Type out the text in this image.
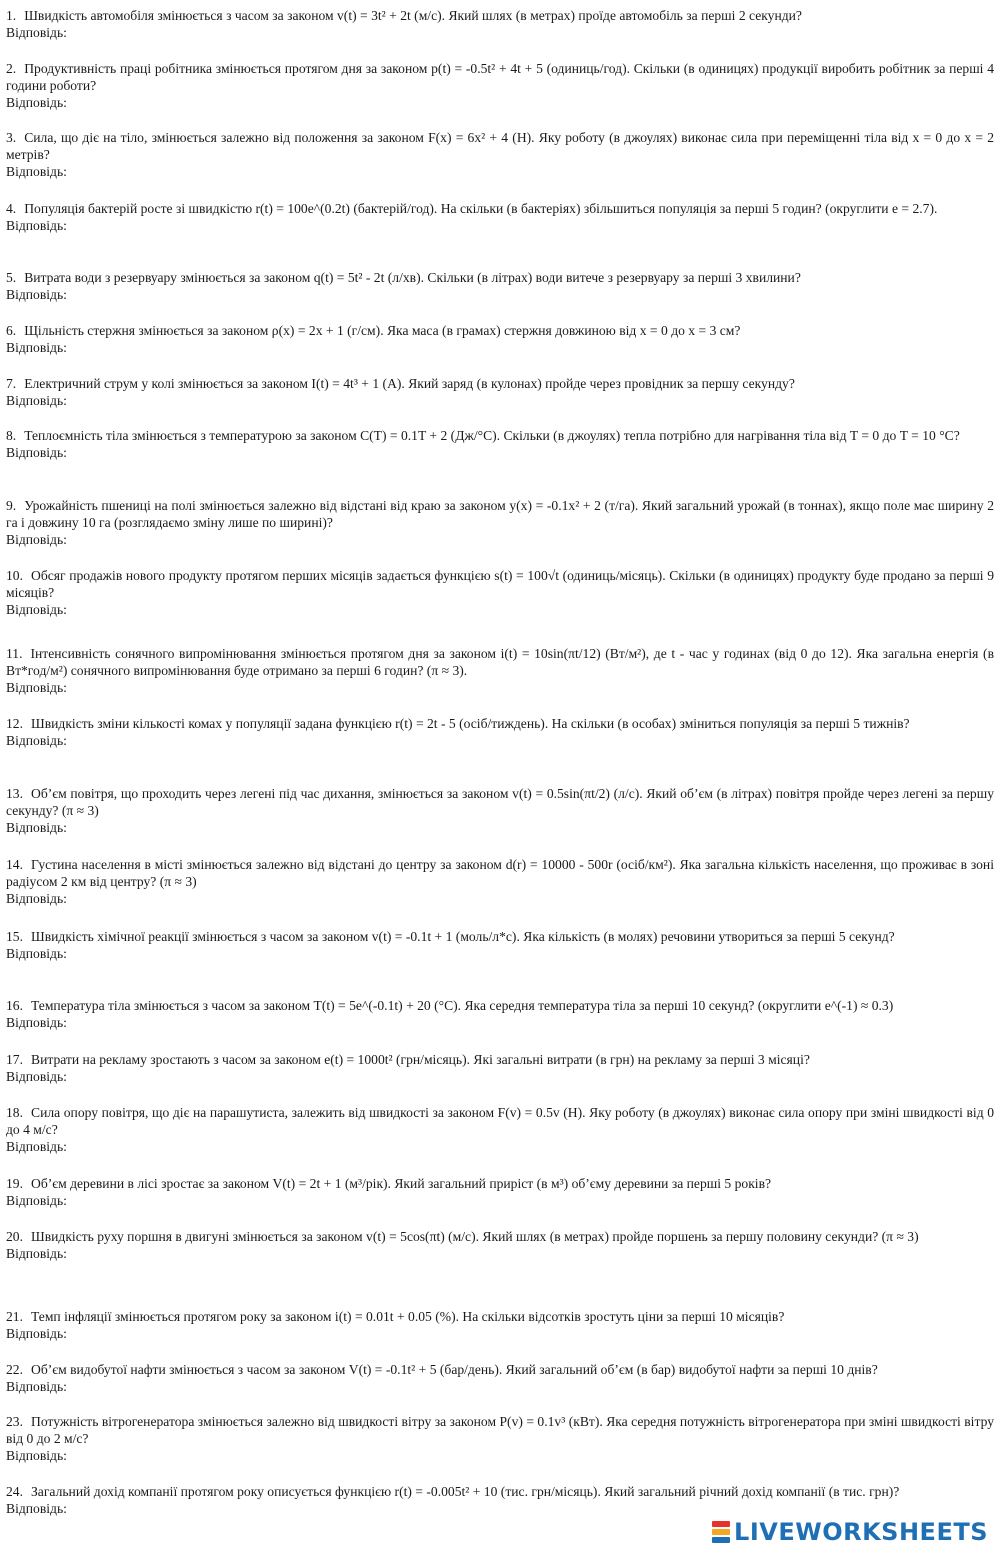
1. Швидкість автомобіля змінюється з часом за законом v(t) = 3t² + 2t (м/с). Який шлях (в метрах) проїде автомобіль за перші 2 секунди?
Відповідь:
2. Продуктивність праці робітника змінюється протягом дня за законом p(t) = -0.5t² + 4t + 5 (одиниць/год). Скільки (в одиницях) продукції виробить робітник за перші 4 години роботи?
Відповідь:
3. Сила, що діє на тіло, змінюється залежно від положення за законом F(x) = 6x² + 4 (Н). Яку роботу (в джоулях) виконає сила при переміщенні тіла від x = 0 до x = 2 метрів?
Відповідь:
4. Популяція бактерій росте зі швидкістю r(t) = 100e^(0.2t) (бактерій/год). На скільки (в бактеріях) збільшиться популяція за перші 5 годин? (округлити e = 2.7).
Відповідь:
5. Витрата води з резервуару змінюється за законом q(t) = 5t² - 2t (л/хв). Скільки (в літрах) води витече з резервуару за перші 3 хвилини?
Відповідь:
6. Щільність стержня змінюється за законом ρ(x) = 2x + 1 (г/см). Яка маса (в грамах) стержня довжиною від x = 0 до x = 3 см?
Відповідь:
7. Електричний струм у колі змінюється за законом I(t) = 4t³ + 1 (А). Який заряд (в кулонах) пройде через провідник за першу секунду?
Відповідь:
8. Теплоємність тіла змінюється з температурою за законом C(T) = 0.1T + 2 (Дж/°С). Скільки (в джоулях) тепла потрібно для нагрівання тіла від T = 0 до T = 10 °C?
Відповідь:
9. Урожайність пшениці на полі змінюється залежно від відстані від краю за законом y(x) = -0.1x² + 2 (т/га). Який загальний урожай (в тоннах), якщо поле має ширину 2 га і довжину 10 га (розглядаємо зміну лише по ширині)?
Відповідь:
10. Обсяг продажів нового продукту протягом перших місяців задається функцією s(t) = 100√t (одиниць/місяць). Скільки (в одиницях) продукту буде продано за перші 9 місяців?
Відповідь:
11. Інтенсивність сонячного випромінювання змінюється протягом дня за законом i(t) = 10sin(πt/12) (Вт/м²), де t - час у годинах (від 0 до 12). Яка загальна енергія (в Вт*год/м²) сонячного випромінювання буде отримано за перші 6 годин? (π ≈ 3).
Відповідь:
12. Швидкість зміни кількості комах у популяції задана функцією r(t) = 2t - 5 (осіб/тиждень). На скільки (в особах) зміниться популяція за перші 5 тижнів?
Відповідь:
13. Об’єм повітря, що проходить через легені під час дихання, змінюється за законом v(t) = 0.5sin(πt/2) (л/с). Який об’єм (в літрах) повітря пройде через легені за першу секунду? (π ≈ 3)
Відповідь:
14. Густина населення в місті змінюється залежно від відстані до центру за законом d(r) = 10000 - 500r (осіб/км²). Яка загальна кількість населення, що проживає в зоні радіусом 2 км від центру? (π ≈ 3)
Відповідь:
15. Швидкість хімічної реакції змінюється з часом за законом v(t) = -0.1t + 1 (моль/л*с). Яка кількість (в молях) речовини утвориться за перші 5 секунд?
Відповідь:
16. Температура тіла змінюється з часом за законом T(t) = 5e^(-0.1t) + 20 (°С). Яка середня температура тіла за перші 10 секунд? (округлити e^(-1) ≈ 0.3)
Відповідь:
17. Витрати на рекламу зростають з часом за законом e(t) = 1000t² (грн/місяць). Які загальні витрати (в грн) на рекламу за перші 3 місяці?
Відповідь:
18. Сила опору повітря, що діє на парашутиста, залежить від швидкості за законом F(v) = 0.5v (Н). Яку роботу (в джоулях) виконає сила опору при зміні швидкості від 0 до 4 м/с?
Відповідь:
19. Об’єм деревини в лісі зростає за законом V(t) = 2t + 1 (м³/рік). Який загальний приріст (в м³) об’єму деревини за перші 5 років?
Відповідь:
20. Швидкість руху поршня в двигуні змінюється за законом v(t) = 5cos(πt) (м/с). Який шлях (в метрах) пройде поршень за першу половину секунди? (π ≈ 3)
Відповідь:
21. Темп інфляції змінюється протягом року за законом i(t) = 0.01t + 0.05 (%). На скільки відсотків зростуть ціни за перші 10 місяців?
Відповідь:
22. Об’єм видобутої нафти змінюється з часом за законом V(t) = -0.1t² + 5 (бар/день). Який загальний об’єм (в бар) видобутої нафти за перші 10 днів?
Відповідь:
23. Потужність вітрогенератора змінюється залежно від швидкості вітру за законом P(v) = 0.1v³ (кВт). Яка середня потужність вітрогенератора при зміні швидкості вітру від 0 до 2 м/с?
Відповідь:
24. Загальний дохід компанії протягом року описується функцією r(t) = -0.005t² + 10 (тис. грн/місяць). Який загальний річний дохід компанії (в тис. грн)?
Відповідь:
LIVEWORKSHEETS
